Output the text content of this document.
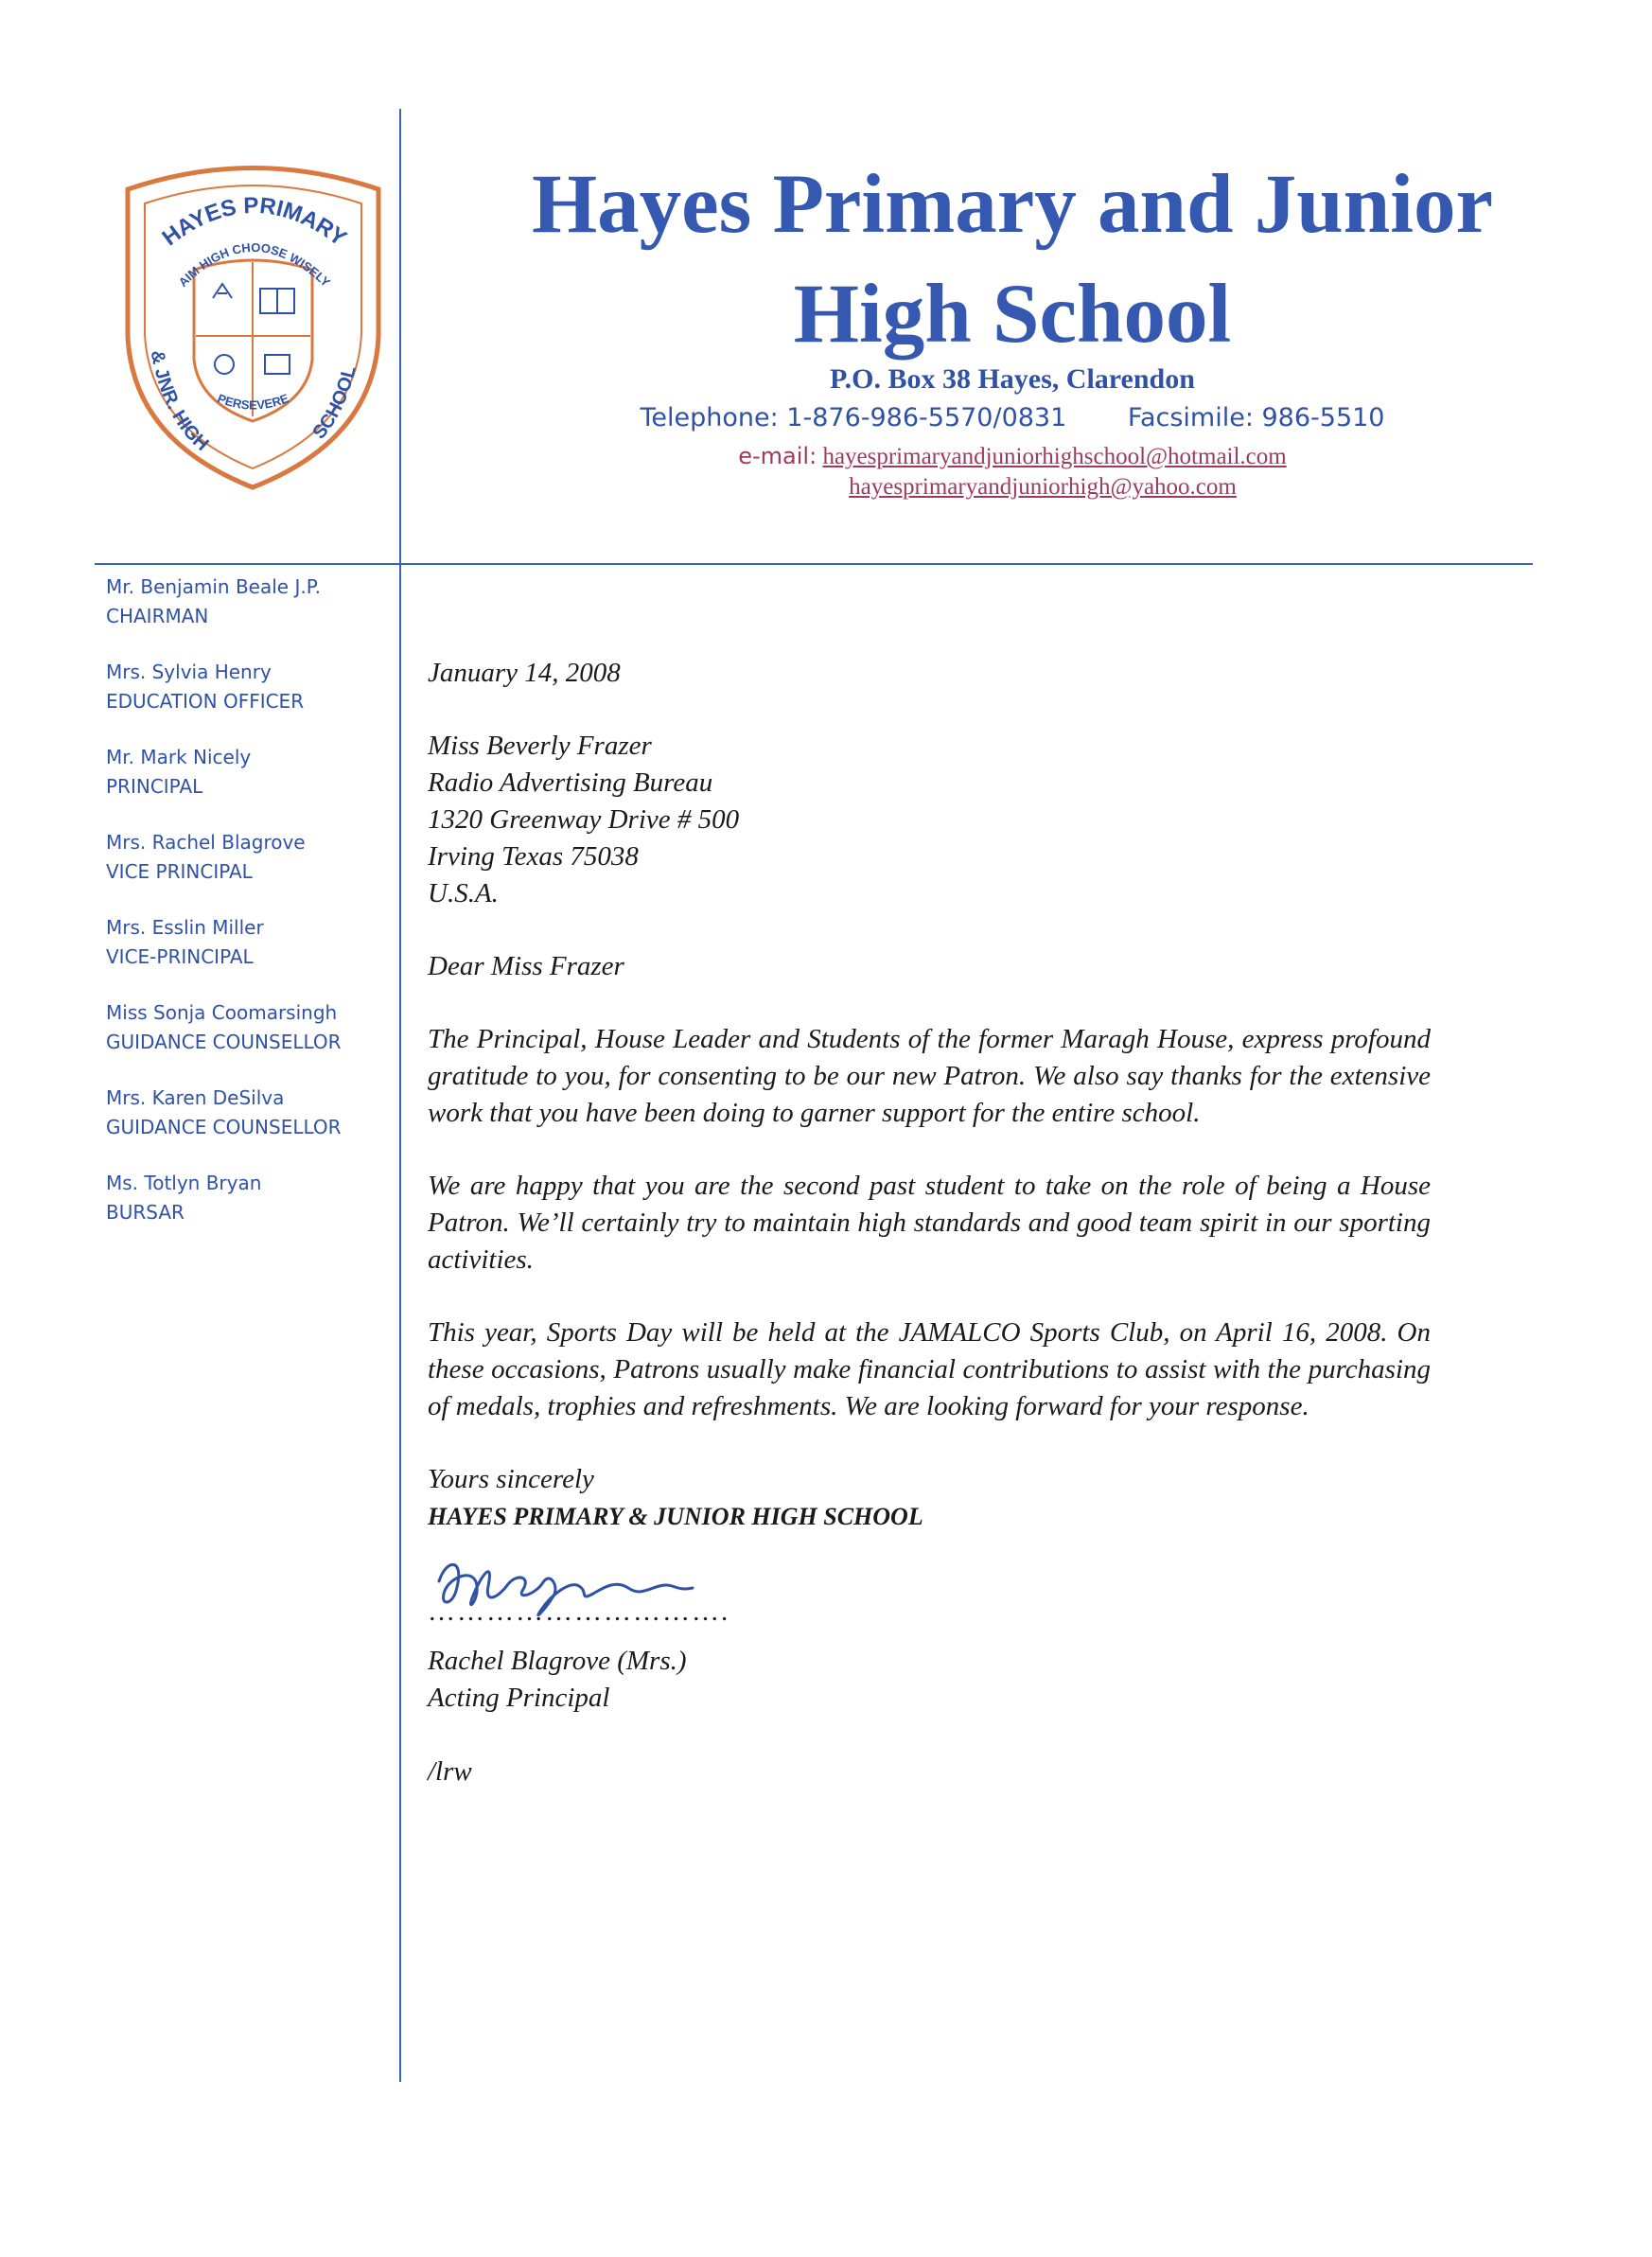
HAYES PRIMARY
AIM HIGH CHOOSE WISELY
& JNR. HIGH	SCHOOL
PERSEVERE
Hayes Primary and Junior
High School
P.O. Box 38 Hayes, Clarendon
Telephone: 1-876-986-5570/0831 Facsimile: 986-5510
e-mail: hayesprimaryandjuniorhighschool@hotmail.com
hayesprimaryandjuniorhigh@yahoo.com
Mr. Benjamin Beale J.P.
CHAIRMAN
Mrs. Sylvia Henry
EDUCATION OFFICER
Mr. Mark Nicely
PRINCIPAL
Mrs. Rachel Blagrove
VICE PRINCIPAL
Mrs. Esslin Miller
VICE-PRINCIPAL
Miss Sonja Coomarsingh
GUIDANCE COUNSELLOR
Mrs. Karen DeSilva
GUIDANCE COUNSELLOR
Ms. Totlyn Bryan
BURSAR

January 14, 2008

Miss Beverly Frazer
Radio Advertising Bureau
1320 Greenway Drive # 500
Irving Texas 75038
U.S.A.

Dear Miss Frazer

The Principal, House Leader and Students of the former Maragh House, express profound gratitude to you, for consenting to be our new Patron. We also say thanks for the extensive work that you have been doing to garner support for the entire school.

We are happy that you are the second past student to take on the role of being a House Patron. We’ll certainly try to maintain high standards and good team spirit in our sporting activities.

This year, Sports Day will be held at the JAMALCO Sports Club, on April 16, 2008. On these occasions, Patrons usually make financial contributions to assist with the purchasing of medals, trophies and refreshments. We are looking forward for your response.

Yours sincerely
HAYES PRIMARY & JUNIOR HIGH SCHOOL

………………………….

Rachel Blagrove (Mrs.)
Acting Principal

/lrw
